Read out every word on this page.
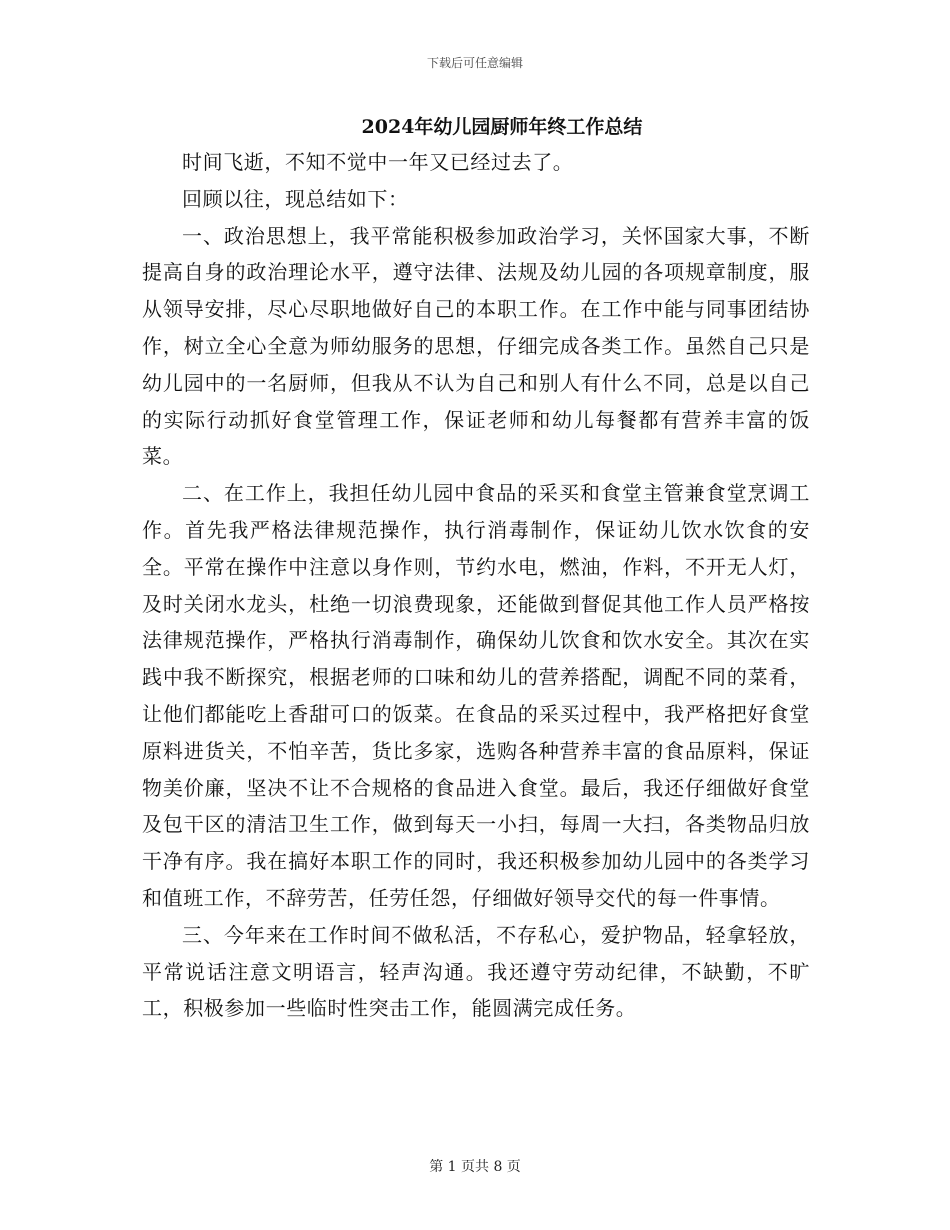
下载后可任意编辑
2024年幼儿园厨师年终工作总结

时间飞逝，不知不觉中一年又已经过去了。

回顾以往，现总结如下：

一、政治思想上，我平常能积极参加政治学习，关怀国家大事，不断提高自身的政治理论水平，遵守法律、法规及幼儿园的各项规章制度，服从领导安排，尽心尽职地做好自己的本职工作。在工作中能与同事团结协作，树立全心全意为师幼服务的思想，仔细完成各类工作。虽然自己只是幼儿园中的一名厨师，但我从不认为自己和别人有什么不同，总是以自己的实际行动抓好食堂管理工作，保证老师和幼儿每餐都有营养丰富的饭菜。

二、在工作上，我担任幼儿园中食品的采买和食堂主管兼食堂烹调工作。首先我严格法律规范操作，执行消毒制作，保证幼儿饮水饮食的安全。平常在操作中注意以身作则，节约水电，燃油，作料，不开无人灯，及时关闭水龙头，杜绝一切浪费现象，还能做到督促其他工作人员严格按法律规范操作，严格执行消毒制作，确保幼儿饮食和饮水安全。其次在实践中我不断探究，根据老师的口味和幼儿的营养搭配，调配不同的菜肴，让他们都能吃上香甜可口的饭菜。在食品的采买过程中，我严格把好食堂原料进货关，不怕辛苦，货比多家，选购各种营养丰富的食品原料，保证物美价廉，坚决不让不合规格的食品进入食堂。最后，我还仔细做好食堂及包干区的清洁卫生工作，做到每天一小扫，每周一大扫，各类物品归放干净有序。我在搞好本职工作的同时，我还积极参加幼儿园中的各类学习和值班工作，不辞劳苦，任劳任怨，仔细做好领导交代的每一件事情。

三、今年来在工作时间不做私活，不存私心，爱护物品，轻拿轻放，平常说话注意文明语言，轻声沟通。我还遵守劳动纪律，不缺勤，不旷工，积极参加一些临时性突击工作，能圆满完成任务。

第 1 页共 8 页
